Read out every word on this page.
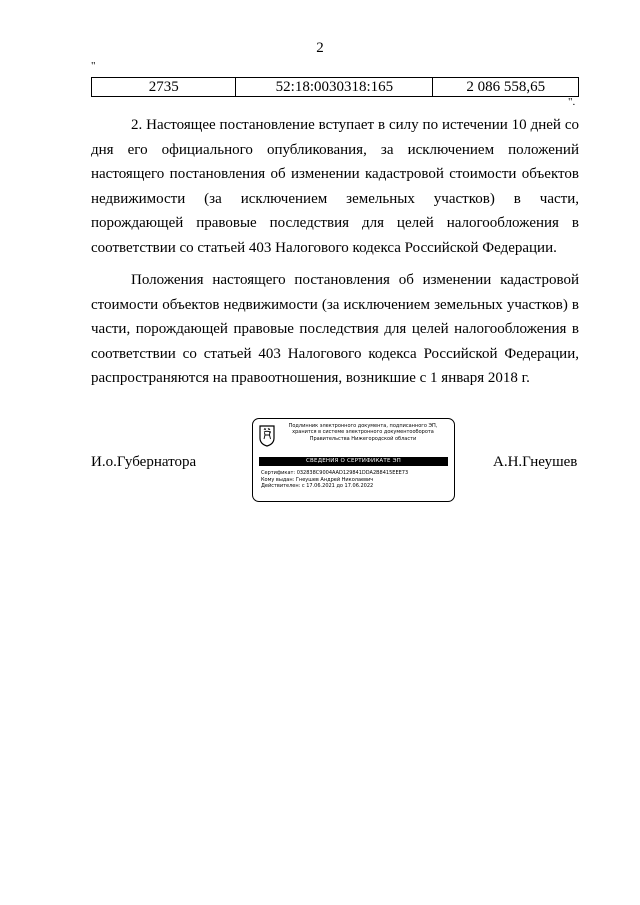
2
"
2735	52:18:0030318:165	2 086 558,65
".

2. Настоящее постановление вступает в силу по истечении 10 дней со дня его официального опубликования, за исключением положений настоящего постановления об изменении кадастровой стоимости объектов недвижимости (за исключением земельных участков) в части, порождающей правовые последствия для целей налогообложения в соответствии со статьей 403 Налогового кодекса Российской Федерации.

Положения настоящего постановления об изменении кадастровой стоимости объектов недвижимости (за исключением земельных участков) в части, порождающей правовые последствия для целей налогообложения в соответствии со статьей 403 Налогового кодекса Российской Федерации, распространяются на правоотношения, возникшие с 1 января 2018 г.

И.о.Губернатора
Подлинник электронного документа, подписанного ЭП,
хранится в системе электронного документооборота
Правительства Нижегородской области
СВЕДЕНИЯ О СЕРТИФИКАТЕ ЭП
Сертификат: 032838C9004AAD129841DDA2B8415EEE73
Кому выдан: Гнеушев Андрей Николаевич
Действителен: с 17.06.2021 до 17.06.2022
А.Н.Гнеушев
